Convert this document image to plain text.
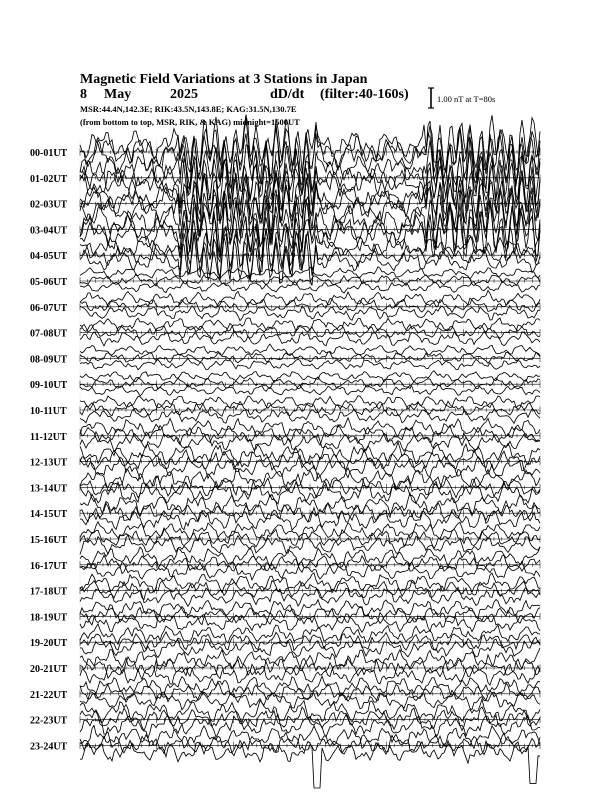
Magnetic Field Variations at 3 Stations in Japan
8 May	2025	dD/dt (filter:40-160s)
MSR:44.4N,142.3E; RIK:43.5N,143.8E; KAG:31.5N,130.7E
(from bottom to top, MSR, RIK, & KAG) midnight=1500UT
1.00 nT at T=80s
00-01UT
01-02UT
02-03UT
03-04UT
04-05UT
05-06UT
06-07UT
07-08UT
08-09UT
09-10UT
10-11UT
11-12UT
12-13UT
13-14UT
14-15UT
15-16UT
16-17UT
17-18UT
18-19UT
19-20UT
20-21UT
21-22UT
22-23UT
23-24UT
